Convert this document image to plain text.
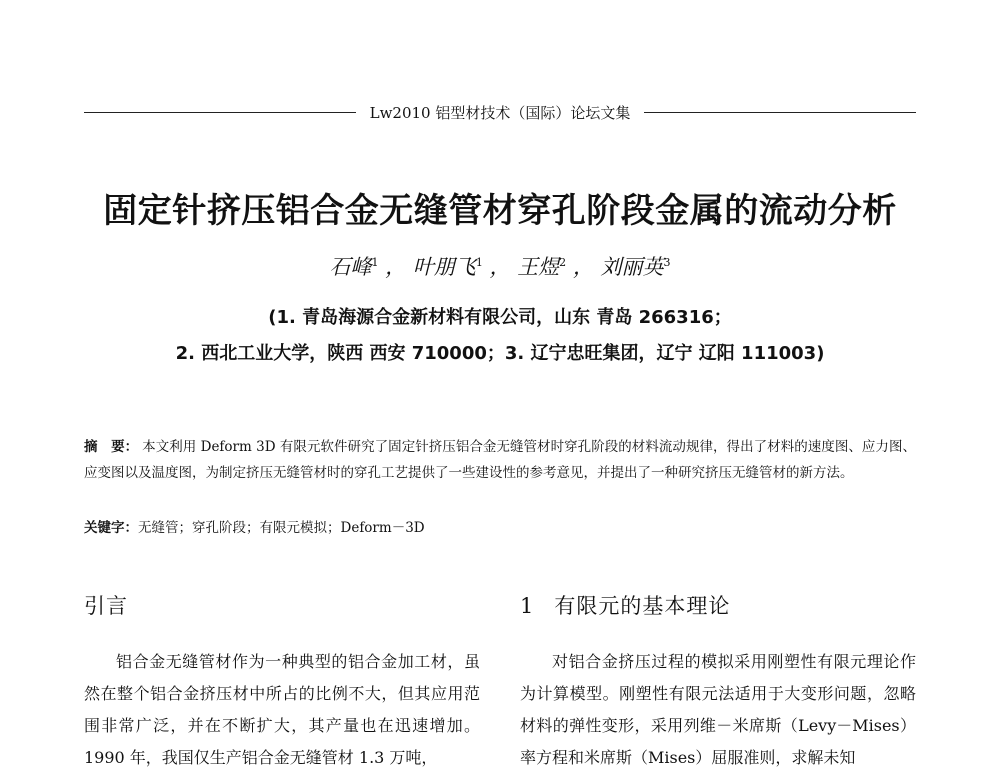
Lw2010 铝型材技术（国际）论坛文集
固定针挤压铝合金无缝管材穿孔阶段金属的流动分析
石峰$^1$ ， 叶朋飞$^1$ ， 王煜$^2$ ， 刘丽英$^3$
(1. 青岛海源合金新材料有限公司，山东 青岛 266316；
2. 西北工业大学，陕西 西安 710000；3. 辽宁忠旺集团，辽宁 辽阳 111003)
摘　要： 本文利用 Deform 3D 有限元软件研究了固定针挤压铝合金无缝管材时穿孔阶段的材料流动规律，得出了材料的速度图、应力图、应变图以及温度图，为制定挤压无缝管材时的穿孔工艺提供了一些建设性的参考意见，并提出了一种研究挤压无缝管材的新方法。
关键字：无缝管；穿孔阶段；有限元模拟；Deform－3D
引言
铝合金无缝管材作为一种典型的铝合金加工材，虽然在整个铝合金挤压材中所占的比例不大，但其应用范围非常广泛，并在不断扩大，其产量也在迅速增加。1990 年，我国仅生产铝合金无缝管材 1.3 万吨，
1 有限元的基本理论
对铝合金挤压过程的模拟采用刚塑性有限元理论作为计算模型。刚塑性有限元法适用于大变形问题，忽略材料的弹性变形，采用列维－米席斯（Levy－Mises）率方程和米席斯（Mises）屈服准则，求解未知
